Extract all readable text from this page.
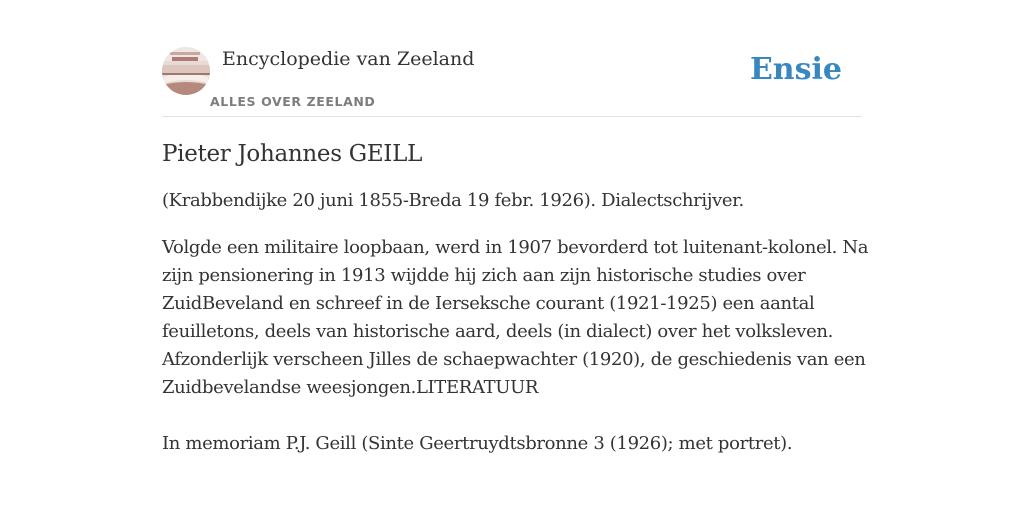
Encyclopedie van Zeeland
ALLES OVER ZEELAND
Ensie
Pieter Johannes GEILL

(Krabbendijke 20 juni 1855-Breda 19 febr. 1926). Dialectschrijver.

Volgde een militaire loopbaan, werd in 1907 bevorderd tot luitenant-kolonel. Na
zijn pensionering in 1913 wijdde hij zich aan zijn historische studies over
ZuidBeveland en schreef in de Ierseksche courant (1921-1925) een aantal
feuilletons, deels van historische aard, deels (in dialect) over het volksleven.
Afzonderlijk verscheen Jilles de schaepwachter (1920), de geschiedenis van een
Zuidbevelandse weesjongen.LITERATUUR
In memoriam P.J. Geill (Sinte Geertruydtsbronne 3 (1926); met portret).
